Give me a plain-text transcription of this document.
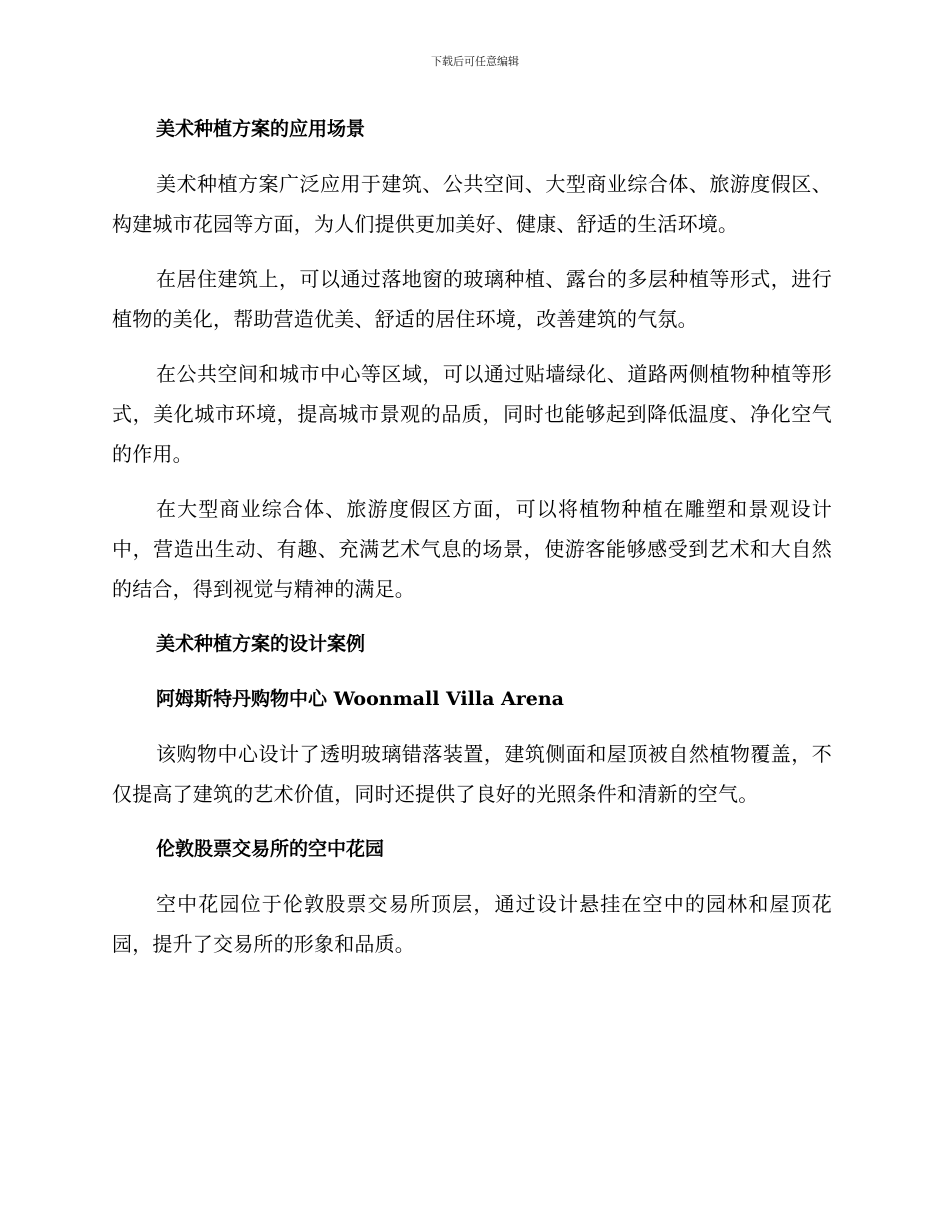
下载后可任意编辑
美术种植方案的应用场景

美术种植方案广泛应用于建筑、公共空间、大型商业综合体、旅游度假区、构建城市花园等方面，为人们提供更加美好、健康、舒适的生活环境。

在居住建筑上，可以通过落地窗的玻璃种植、露台的多层种植等形式，进行植物的美化，帮助营造优美、舒适的居住环境，改善建筑的气氛。

在公共空间和城市中心等区域，可以通过贴墙绿化、道路两侧植物种植等形式，美化城市环境，提高城市景观的品质，同时也能够起到降低温度、净化空气的作用。

在大型商业综合体、旅游度假区方面，可以将植物种植在雕塑和景观设计中，营造出生动、有趣、充满艺术气息的场景，使游客能够感受到艺术和大自然的结合，得到视觉与精神的满足。

美术种植方案的设计案例
阿姆斯特丹购物中心 Woonmall Villa Arena

该购物中心设计了透明玻璃错落装置，建筑侧面和屋顶被自然植物覆盖，不仅提高了建筑的艺术价值，同时还提供了良好的光照条件和清新的空气。

伦敦股票交易所的空中花园

空中花园位于伦敦股票交易所顶层，通过设计悬挂在空中的园林和屋顶花园，提升了交易所的形象和品质。
